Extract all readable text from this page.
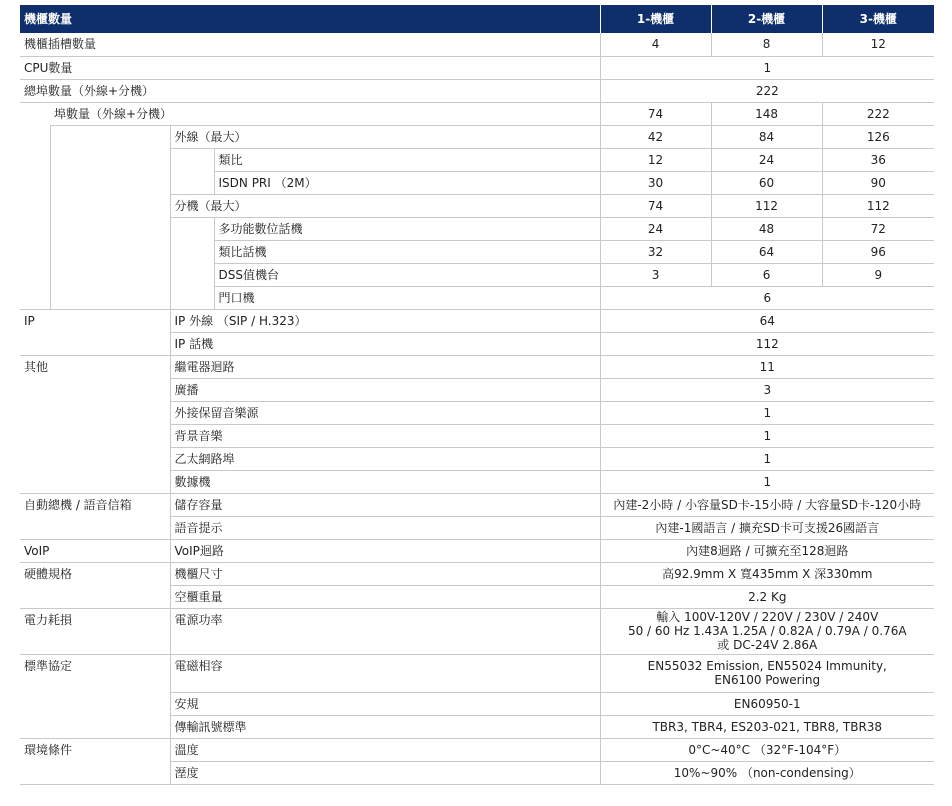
機櫃數量				1-機櫃	2-機櫃	3-機櫃
機櫃插槽數量				4	8	12
CPU數量				1		
總埠數量（外線+分機）				222		
	埠數量（外線+分機）			74	148	222
		外線（最大）		42	84	126
			類比	12	24	36
			ISDN PRI （2M）	30	60	90
		分機（最大）		74	112	112
			多功能數位話機	24	48	72
			類比話機	32	64	96
			DSS值機台	3	6	9
			門口機	6		
IP		IP 外線 （SIP / H.323）		64		
		IP 話機		112		
其他		繼電器迴路		11		
		廣播		3		
		外接保留音樂源		1		
		背景音樂		1		
		乙太網路埠		1		
		數據機		1		
自動總機 / 語音信箱		儲存容量		內建-2小時 / 小容量SD卡-15小時 / 大容量SD卡-120小時		
		語音提示		內建-1國語言 / 擴充SD卡可支援26國語言		
VoIP		VoIP迴路		內建8迴路 / 可擴充至128迴路		
硬體規格		機櫃尺寸		高92.9mm X 寬435mm X 深330mm		
		空櫃重量		2.2 Kg		
電力耗損		電源功率		輸入 100V-120V / 220V / 230V / 240V
50 / 60 Hz 1.43A 1.25A / 0.82A / 0.79A / 0.76A
或 DC-24V 2.86A		

標準協定		電磁相容		EN55032 Emission, EN55024 Immunity,
EN6100 Powering		

		安規		EN60950-1		
		傳輸訊號標準		TBR3, TBR4, ES203-021, TBR8, TBR38		
環境條件		溫度		0°C~40°C （32°F-104°F）		
		溼度		10%~90% （non-condensing）		
